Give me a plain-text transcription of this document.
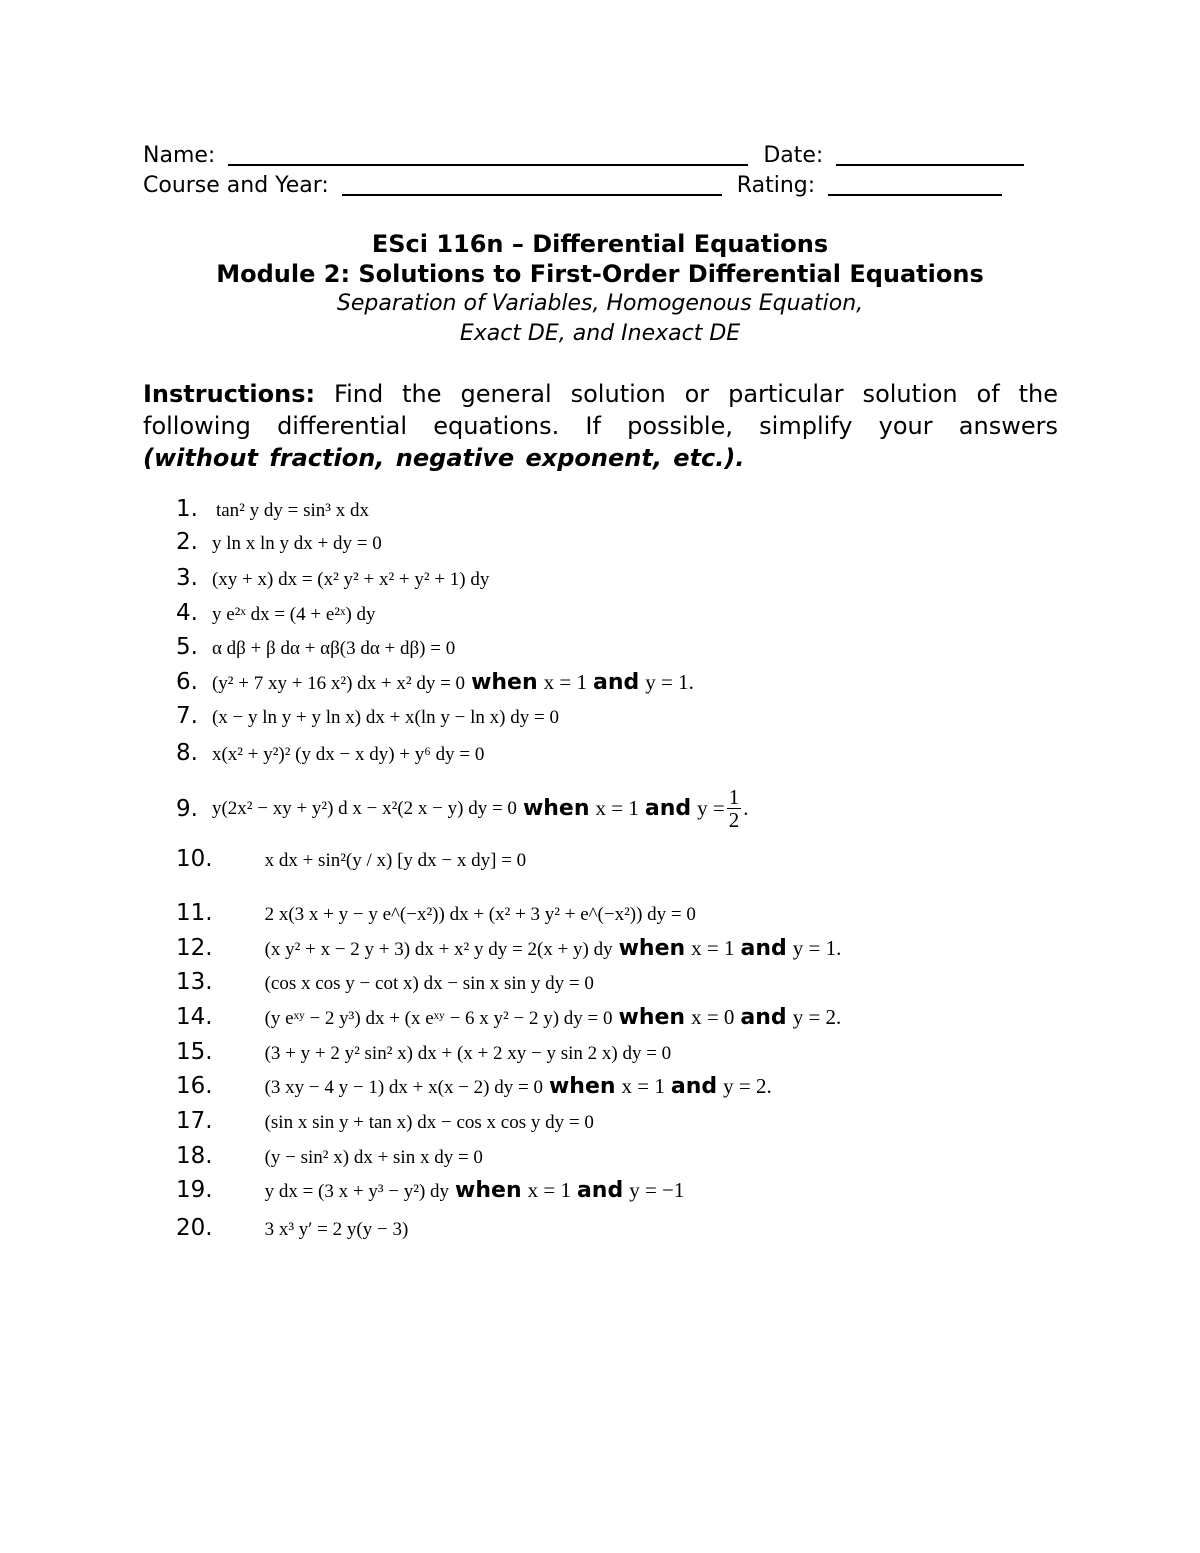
Name:	Date:
Course and Year:	Rating:
ESci 116n – Differential Equations
Module 2: Solutions to First-Order Differential Equations
Separation of Variables, Homogenous Equation,
Exact DE, and Inexact DE
Instructions: Find the general solution or particular solution of the following differential equations. If possible, simplify your answers (without fraction, negative exponent, etc.).
1. tan² y dy = sin³ x dx
2. y ln x ln y dx + dy = 0
3. (xy + x) dx = (x² y² + x² + y² + 1) dy
4. y e²ˣ dx = (4 + e²ˣ) dy
5. α dβ + β dα + αβ(3 dα + dβ) = 0
6. (y² + 7 xy + 16 x²) dx + x² dy = 0 when x = 1 and y = 1.
7. (x − y ln y + y ln x) dx + x(ln y − ln x) dy = 0
8. x(x² + y²)² (y dx − x dy) + y⁶ dy = 0
9. y(2x² − xy + y²) d x − x²(2 x − y) dy = 0 when x = 1 and $y = \frac{1}{2}$ .
10.	x dx + sin²(y / x) [y dx − x dy] = 0
11.	2 x(3 x + y − y e^(−x²)) dx + (x² + 3 y² + e^(−x²)) dy = 0
12.	(x y² + x − 2 y + 3) dx + x² y dy = 2(x + y) dy when x = 1 and y = 1.
13.	(cos x cos y − cot x) dx − sin x sin y dy = 0
14.	(y eˣʸ − 2 y³) dx + (x eˣʸ − 6 x y² − 2 y) dy = 0 when x = 0 and y = 2.
15.	(3 + y + 2 y² sin² x) dx + (x + 2 xy − y sin 2 x) dy = 0
16.	(3 xy − 4 y − 1) dx + x(x − 2) dy = 0 when x = 1 and y = 2.
17.	(sin x sin y + tan x) dx − cos x cos y dy = 0
18.	(y − sin² x) dx + sin x dy = 0
19.	y dx = (3 x + y³ − y²) dy when x = 1 and y = −1
20.	3 x³ y′ = 2 y(y − 3)
